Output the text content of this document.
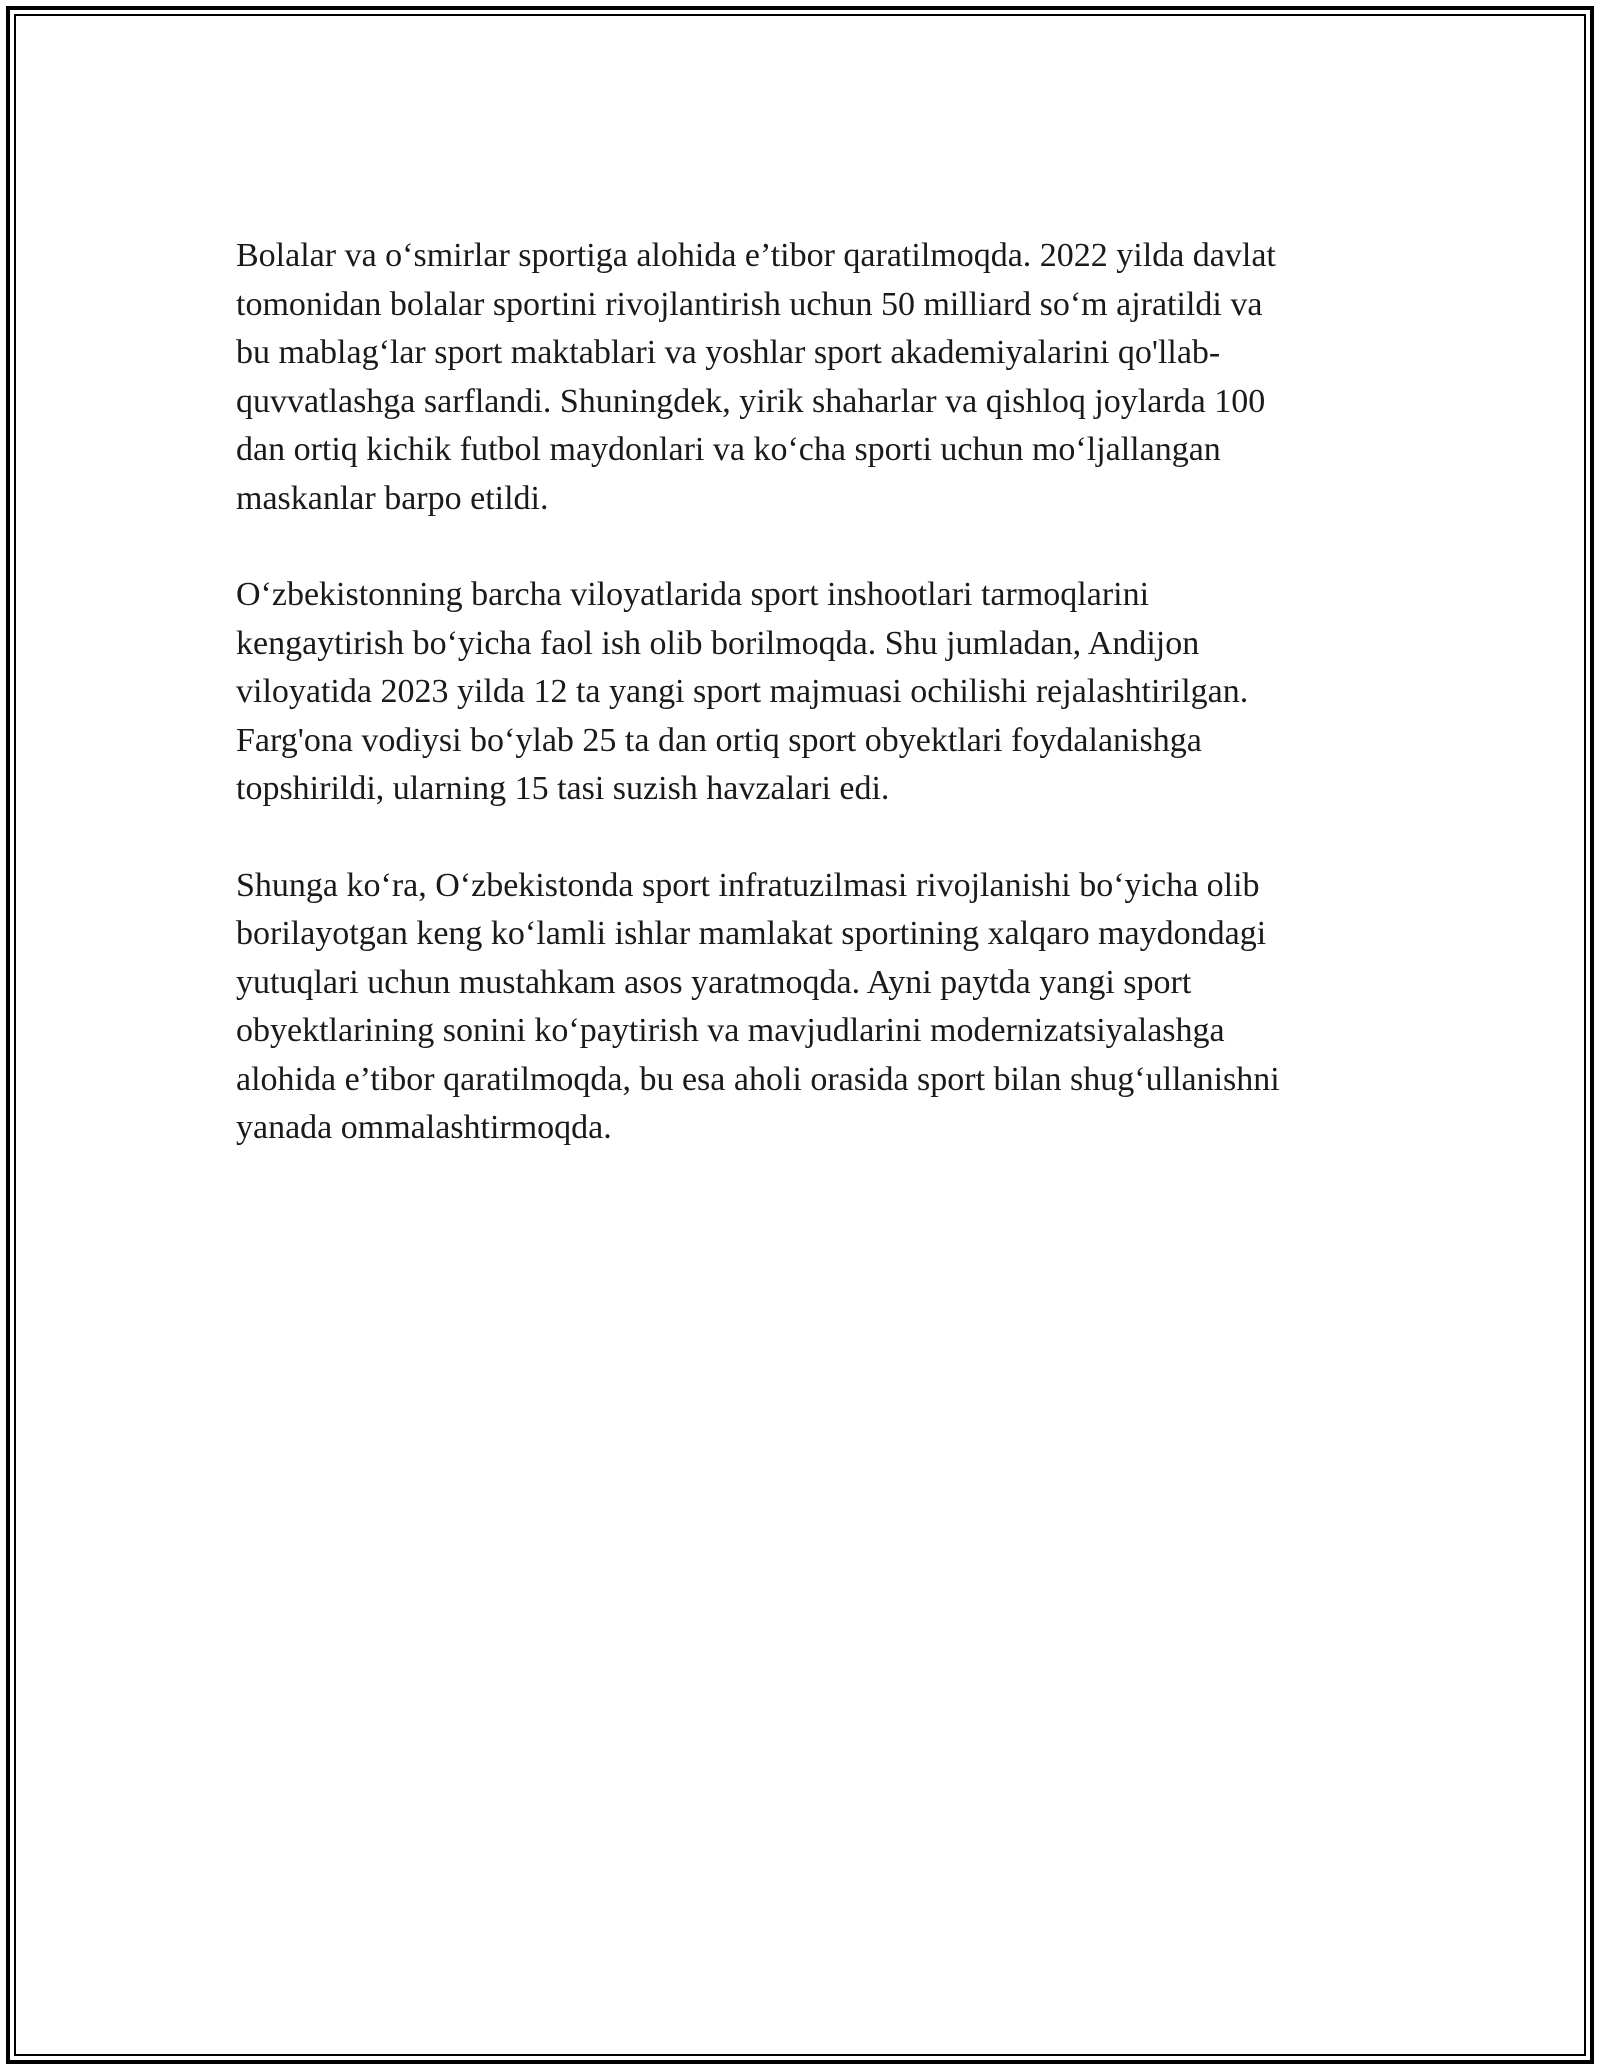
Bolalar va o‘smirlar sportiga alohida e’tibor qaratilmoqda. 2022 yilda davlat
tomonidan bolalar sportini rivojlantirish uchun 50 milliard so‘m ajratildi va
bu mablag‘lar sport maktablari va yoshlar sport akademiyalarini qo'llab-
quvvatlashga sarflandi. Shuningdek, yirik shaharlar va qishloq joylarda 100
dan ortiq kichik futbol maydonlari va ko‘cha sporti uchun mo‘ljallangan
maskanlar barpo etildi.

O‘zbekistonning barcha viloyatlarida sport inshootlari tarmoqlarini
kengaytirish bo‘yicha faol ish olib borilmoqda. Shu jumladan, Andijon
viloyatida 2023 yilda 12 ta yangi sport majmuasi ochilishi rejalashtirilgan.
Farg'ona vodiysi bo‘ylab 25 ta dan ortiq sport obyektlari foydalanishga
topshirildi, ularning 15 tasi suzish havzalari edi.

Shunga ko‘ra, O‘zbekistonda sport infratuzilmasi rivojlanishi bo‘yicha olib
borilayotgan keng ko‘lamli ishlar mamlakat sportining xalqaro maydondagi
yutuqlari uchun mustahkam asos yaratmoqda. Ayni paytda yangi sport
obyektlarining sonini ko‘paytirish va mavjudlarini modernizatsiyalashga
alohida e’tibor qaratilmoqda, bu esa aholi orasida sport bilan shug‘ullanishni
yanada ommalashtirmoqda.
